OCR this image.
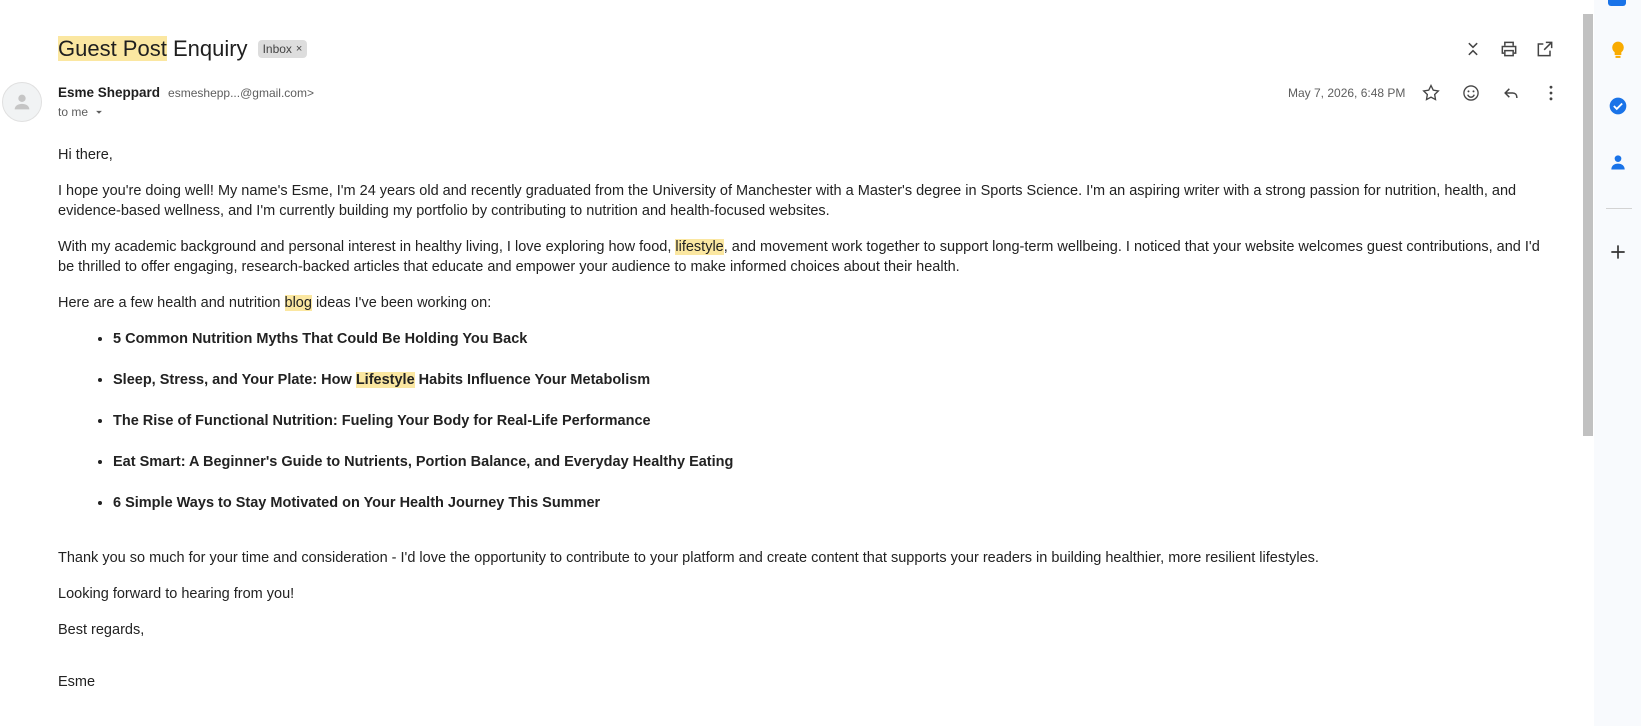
Guest Post Enquiry Inbox ×
Esme Shep pard esmeshepp...@gmail.com>
to me
May 7, 2026, 6:48 PM

Hi there,

I hope you're doing well! My name's Esme, I'm 24 years old and recently graduated from the University of Manchester with a Master's degree in Sports Science. I'm an aspiring writer with a strong passion for nutrition, health, and evidence-based wellness, and I'm currently building my portfolio by contributing to nutrition and health-focused websites.

With my academic background and personal interest in healthy living, I love exploring how food, lifestyle, and movement work together to support long-term wellbeing. I noticed that your website welcomes guest contributions, and I'd be thrilled to offer engaging, research-backed articles that educate and empower your audience to make informed choices about their health.

Here are a few health and nutrition blog ideas I've been working on:

• 5 Common Nutrition Myths That Could Be Holding You Back
• Sleep, Stress, and Your Plate: How Lifestyle Habits Influence Your Metabolism
• The Rise of Functional Nutrition: Fueling Your Body for Real-Life Performance
• Eat Smart: A Beginner's Guide to Nutrients, Portion Balance, and Everyday Healthy Eating
• 6 Simple Ways to Stay Motivated on Your Health Journey This Summer

Thank you so much for your time and consideration - I'd love the opportunity to contribute to your platform and create content that supports your readers in building healthier, more resilient lifestyles.

Looking forward to hearing from you!

Best regards,

Esme
